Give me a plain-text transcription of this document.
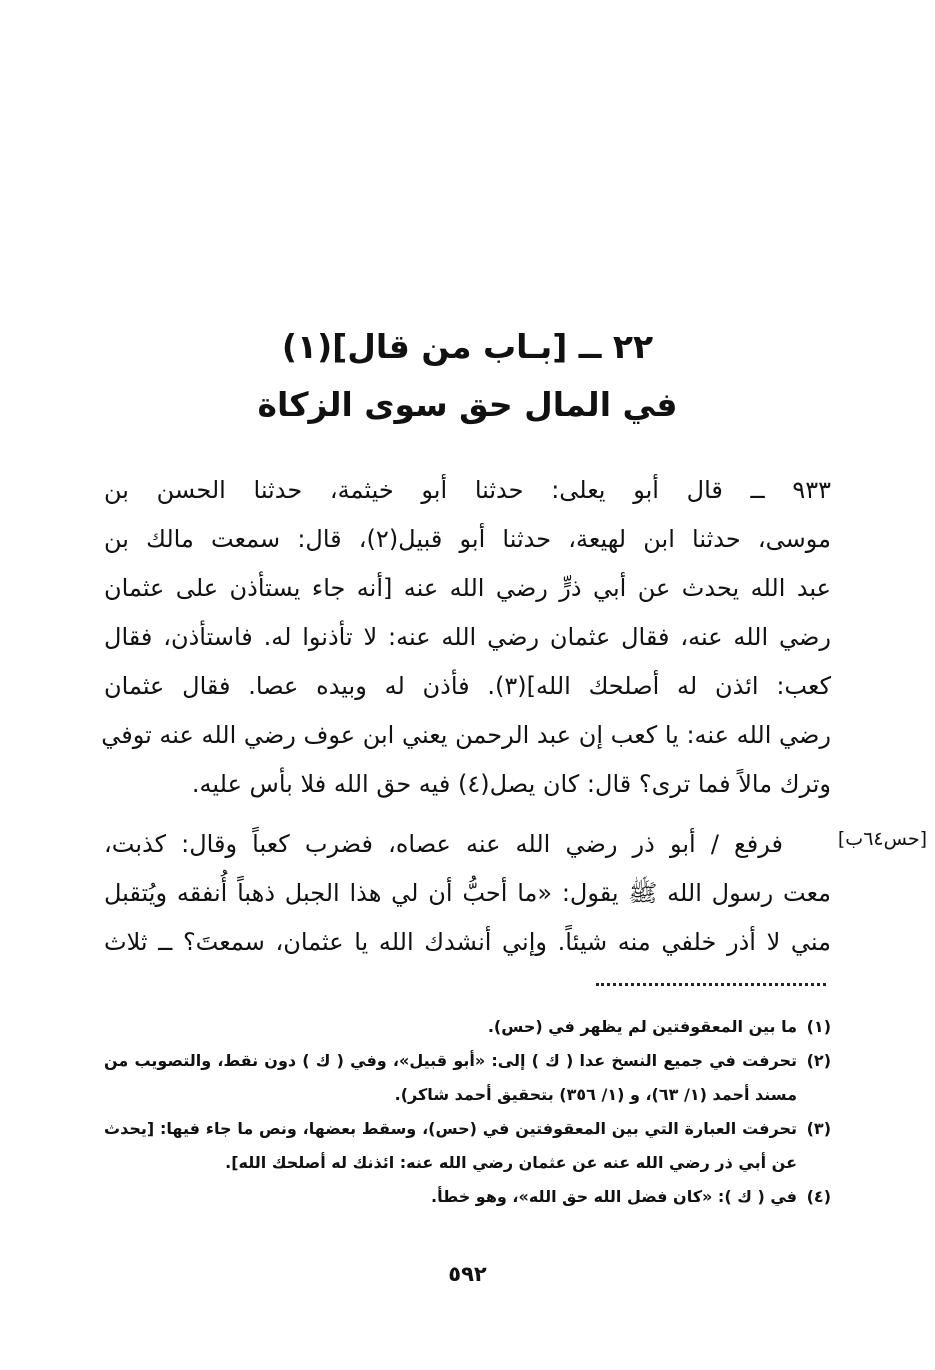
٢٢ ــ [بـاب من قال](١)
في المال حق سوى الزكاة
٩٣٣ ــ قال أبو يعلى: حدثنا أبو خيثمة، حدثنا الحسن بن
موسى، حدثنا ابن لهيعة، حدثنا أبو قبيل(٢)، قال: سمعت مالك بن
عبد الله يحدث عن أبي ذرٍّ رضي الله عنه [أنه جاء يستأذن على عثمان
رضي الله عنه، فقال عثمان رضي الله عنه: لا تأذنوا له. فاستأذن، فقال
كعب: ائذن له أصلحك الله](٣). فأذن له وبيده عصا. فقال عثمان
رضي الله عنه: يا كعب إن عبد الرحمن يعني ابن عوف رضي الله عنه توفي
وترك مالاً فما ترى؟ قال: كان يصل(٤) فيه حق الله فلا بأس عليه.
[حس٦٤ب]
فرفع / أبو ذر رضي الله عنه عصاه، فضرب كعباً وقال: كذبت،
معت رسول الله ﷺ يقول: «ما أحبُّ أن لي هذا الجبل ذهباً أُنفقه ويُتقبل
مني لا أذر خلفي منه شيئاً. وإني أنشدك الله يا عثمان، سمعتَ؟ ــ ثلاث
(١)ما بين المعقوفتين لم يظهر في (حس).
(٢)تحرفت في جميع النسخ عدا ( ك ) إلى: «أبو قبيل»، وفي ( ك ) دون نقط، والتصويب من
مسند أحمد (١/ ٦٣)، و (١/ ٣٥٦) بتحقيق أحمد شاكر).
(٣)تحرفت العبارة التي بين المعقوفتين في (حس)، وسقط بعضها، ونص ما جاء فيها: [يحدث
عن أبي ذر رضي الله عنه عن عثمان رضي الله عنه: ائذنك له أصلحك الله].
(٤)في ( ك ): «كان فضل الله حق الله»، وهو خطأ.
٥٩٢
